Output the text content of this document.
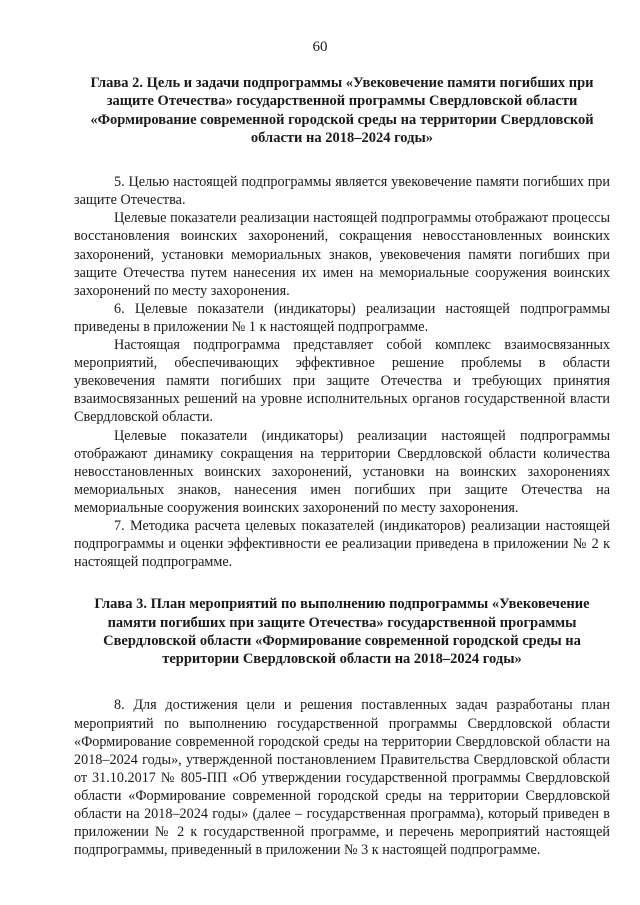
60
Глава 2. Цель и задачи подпрограммы «Увековечение памяти погибших при защите Отечества» государственной программы Свердловской области «Формирование современной городской среды на территории Свердловской области на 2018–2024 годы»

5. Целью настоящей подпрограммы является увековечение памяти погибших при защите Отечества.

Целевые показатели реализации настоящей подпрограммы отображают процессы восстановления воинских захоронений, сокращения невосстановленных воинских захоронений, установки мемориальных знаков, увековечения памяти погибших при защите Отечества путем нанесения их имен на мемориальные сооружения воинских захоронений по месту захоронения.

6. Целевые показатели (индикаторы) реализации настоящей подпрограммы приведены в приложении № 1 к настоящей подпрограмме.

Настоящая подпрограмма представляет собой комплекс взаимосвязанных мероприятий, обеспечивающих эффективное решение проблемы в области увековечения памяти погибших при защите Отечества и требующих принятия взаимосвязанных решений на уровне исполнительных органов государственной власти Свердловской области.

Целевые показатели (индикаторы) реализации настоящей подпрограммы отображают динамику сокращения на территории Свердловской области количества невосстановленных воинских захоронений, установки на воинских захоронениях мемориальных знаков, нанесения имен погибших при защите Отечества на мемориальные сооружения воинских захоронений по месту захоронения.

7. Методика расчета целевых показателей (индикаторов) реализации настоящей подпрограммы и оценки эффективности ее реализации приведена в приложении № 2 к настоящей подпрограмме.

Глава 3. План мероприятий по выполнению подпрограммы «Увековечение памяти погибших при защите Отечества» государственной программы Свердловской области «Формирование современной городской среды на территории Свердловской области на 2018–2024 годы»

8. Для достижения цели и решения поставленных задач разработаны план мероприятий по выполнению государственной программы Свердловской области «Формирование современной городской среды на территории Свердловской области на 2018–2024 годы», утвержденной постановлением Правительства Свердловской области от 31.10.2017 № 805-ПП «Об утверждении государственной программы Свердловской области «Формирование современной городской среды на территории Свердловской области на 2018–2024 годы» (далее – государственная программа), который приведен в приложении № 2 к государственной программе, и перечень мероприятий настоящей подпрограммы, приведенный в приложении № 3 к настоящей подпрограмме.
